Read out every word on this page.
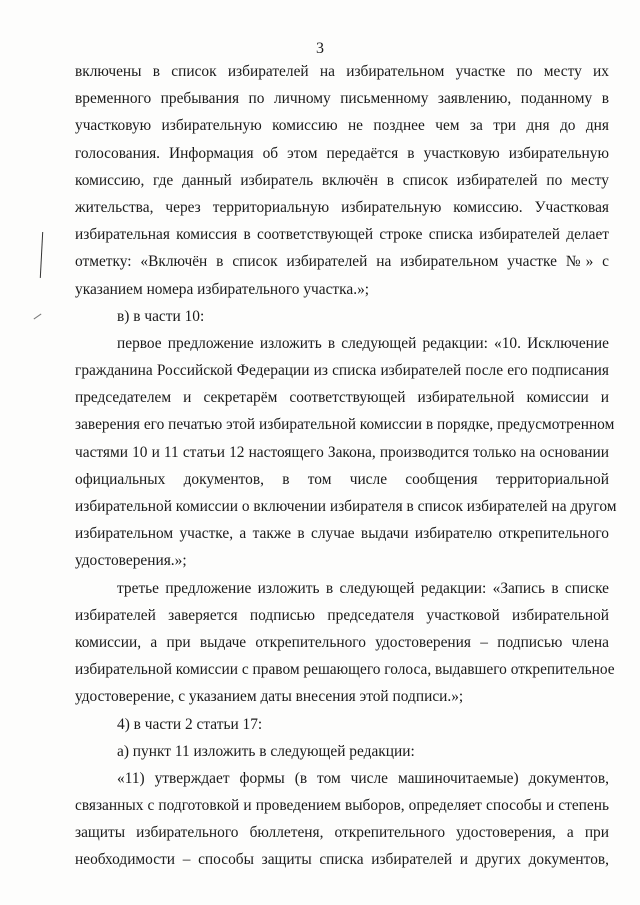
3
включены в список избирателей на избирательном участке по месту их
временного пребывания по личному письменному заявлению, поданному в
участковую избирательную комиссию не позднее чем за три дня до дня
голосования. Информация об этом передаётся в участковую избирательную
комиссию, где данный избиратель включён в список избирателей по месту
жительства, через территориальную избирательную комиссию. Участковая
избирательная комиссия в соответствующей строке списка избирателей делает
отметку: «Включён в список избирателей на избирательном участке №» с
указанием номера избирательного участка.»;
в) в части 10:
первое предложение изложить в следующей редакции: «10. Исключение
гражданина Российской Федерации из списка избирателей после его подписания
председателем и секретарём соответствующей избирательной комиссии и
заверения его печатью этой избирательной комиссии в порядке, предусмотренном
частями 10 и 11 статьи 12 настоящего Закона, производится только на основании
официальных документов, в том числе сообщения территориальной
избирательной комиссии о включении избирателя в список избирателей на другом
избирательном участке, а также в случае выдачи избирателю открепительного
удостоверения.»;
третье предложение изложить в следующей редакции: «Запись в списке
избирателей заверяется подписью председателя участковой избирательной
комиссии, а при выдаче открепительного удостоверения – подписью члена
избирательной комиссии с правом решающего голоса, выдавшего открепительное
удостоверение, с указанием даты внесения этой подписи.»;
4) в части 2 статьи 17:
а) пункт 11 изложить в следующей редакции:
«11) утверждает формы (в том числе машиночитаемые) документов,
связанных с подготовкой и проведением выборов, определяет способы и степень
защиты избирательного бюллетеня, открепительного удостоверения, а при
необходимости – способы защиты списка избирателей и других документов,
